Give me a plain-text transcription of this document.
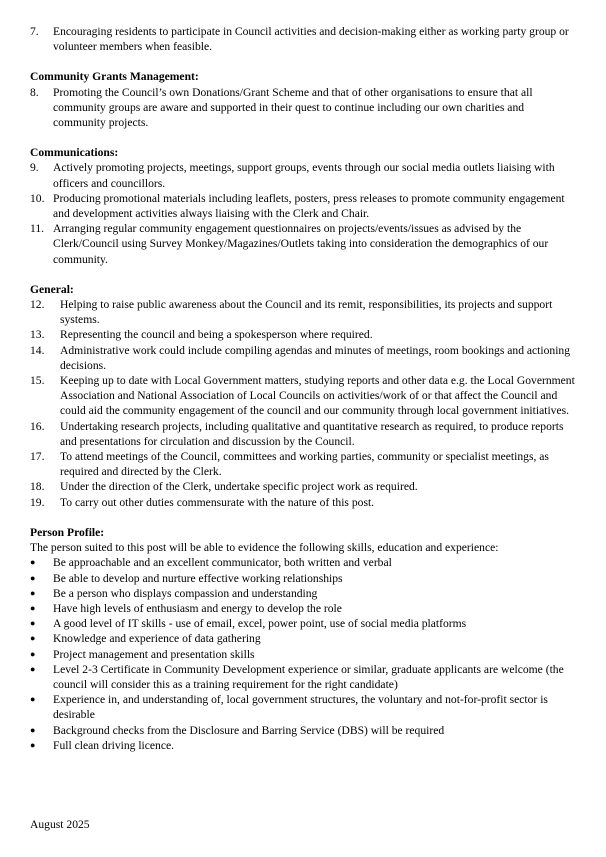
7.	Encouraging residents to participate in Council activities and decision-making either as working party group or volunteer members when feasible.
Community Grants Management:
8.	Promoting the Council’s own Donations/Grant Scheme and that of other organisations to ensure that all community groups are aware and supported in their quest to continue including our own charities and community projects.
Communications:
9.	Actively promoting projects, meetings, support groups, events through our social media outlets liaising with officers and councillors.
10. Producing promotional materials including leaflets, posters, press releases to promote community engagement and development activities always liaising with the Clerk and Chair.
11. Arranging regular community engagement questionnaires on projects/events/issues as advised by the Clerk/Council using Survey Monkey/Magazines/Outlets taking into consideration the demographics of our community.
General:
12.	Helping to raise public awareness about the Council and its remit, responsibilities, its projects and support systems.
13.	Representing the council and being a spokesperson where required.
14.	Administrative work could include compiling agendas and minutes of meetings, room bookings and actioning decisions.
15.	Keeping up to date with Local Government matters, studying reports and other data e.g. the Local Government Association and National Association of Local Councils on activities/work of or that affect the Council and could aid the community engagement of the council and our community through local government initiatives.
16.	Undertaking research projects, including qualitative and quantitative research as required, to produce reports and presentations for circulation and discussion by the Council.
17.	To attend meetings of the Council, committees and working parties, community or specialist meetings, as required and directed by the Clerk.
18.	Under the direction of the Clerk, undertake specific project work as required.
19.	To carry out other duties commensurate with the nature of this post.
Person Profile:
The person suited to this post will be able to evidence the following skills, education and experience:
●	Be approachable and an excellent communicator, both written and verbal
●	Be able to develop and nurture effective working relationships
●	Be a person who displays compassion and understanding
●	Have high levels of enthusiasm and energy to develop the role
●	A good level of IT skills - use of email, excel, power point, use of social media platforms
●	Knowledge and experience of data gathering
●	Project management and presentation skills
●	Level 2-3 Certificate in Community Development experience or similar, graduate applicants are welcome (the council will consider this as a training requirement for the right candidate)
●	Experience in, and understanding of, local government structures, the voluntary and not-for-profit sector is desirable
●	Background checks from the Disclosure and Barring Service (DBS) will be required
●	Full clean driving licence.
August 2025
